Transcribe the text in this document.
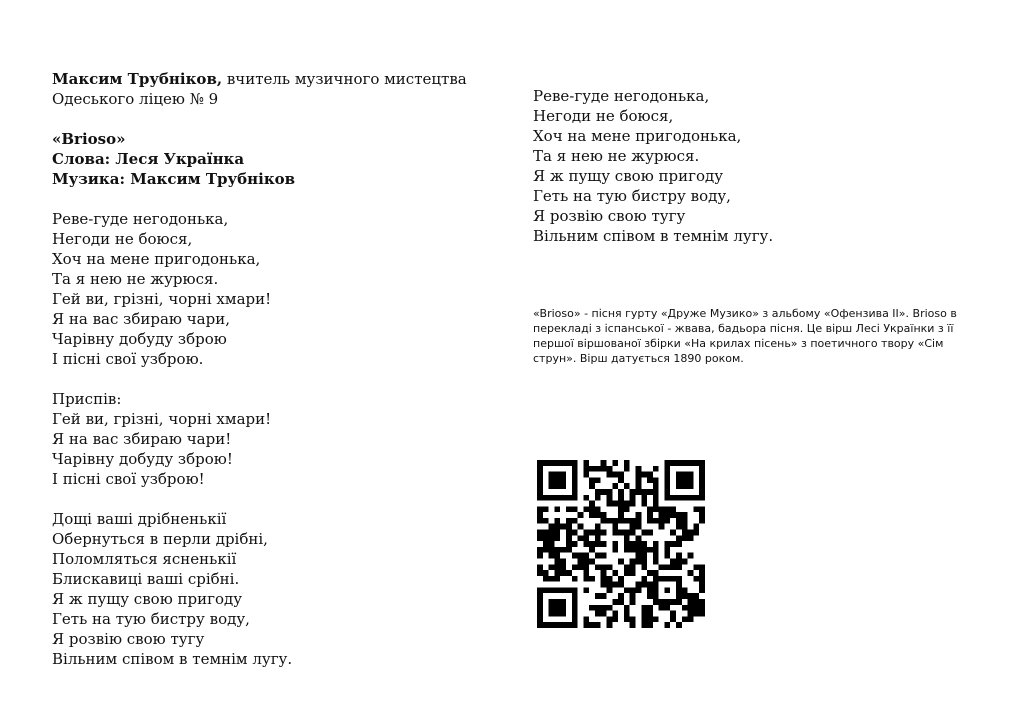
Максим Трубніков, вчитель музичного мистецтва
Одеського ліцею № 9
«Brioso»
Слова: Леся Українка
Музика: Максим Трубніков
Реве-гуде негодонька,
Негоди не боюся,
Хоч на мене пригодонька,
Та я нею не журюся.
Гей ви, грізні, чорні хмари!
Я на вас збираю чари,
Чарівну добуду зброю
І пісні свої узброю.
Приспів:
Гей ви, грізні, чорні хмари!
Я на вас збираю чари!
Чарівну добуду зброю!
І пісні свої узброю!
Дощі ваші дрібненькії
Обернуться в перли дрібні,
Поломляться ясненькії
Блискавиці ваші срібні.
Я ж пущу свою пригоду
Геть на тую бистру воду,
Я розвію свою тугу
Вільним співом в темнім лугу.
Реве-гуде негодонька,
Негоди не боюся,
Хоч на мене пригодонька,
Та я нею не журюся.
Я ж пущу свою пригоду
Геть на тую бистру воду,
Я розвію свою тугу
Вільним співом в темнім лугу.
«Brioso» - пісня гурту «Друже Музико» з альбому «Офензива II». Brioso в перекладі з іспанської - жвава, бадьора пісня. Це вірш Лесі Українки з її першої віршованої збірки «На крилах пісень» з поетичного твору «Сім струн». Вірш датується 1890 роком.
